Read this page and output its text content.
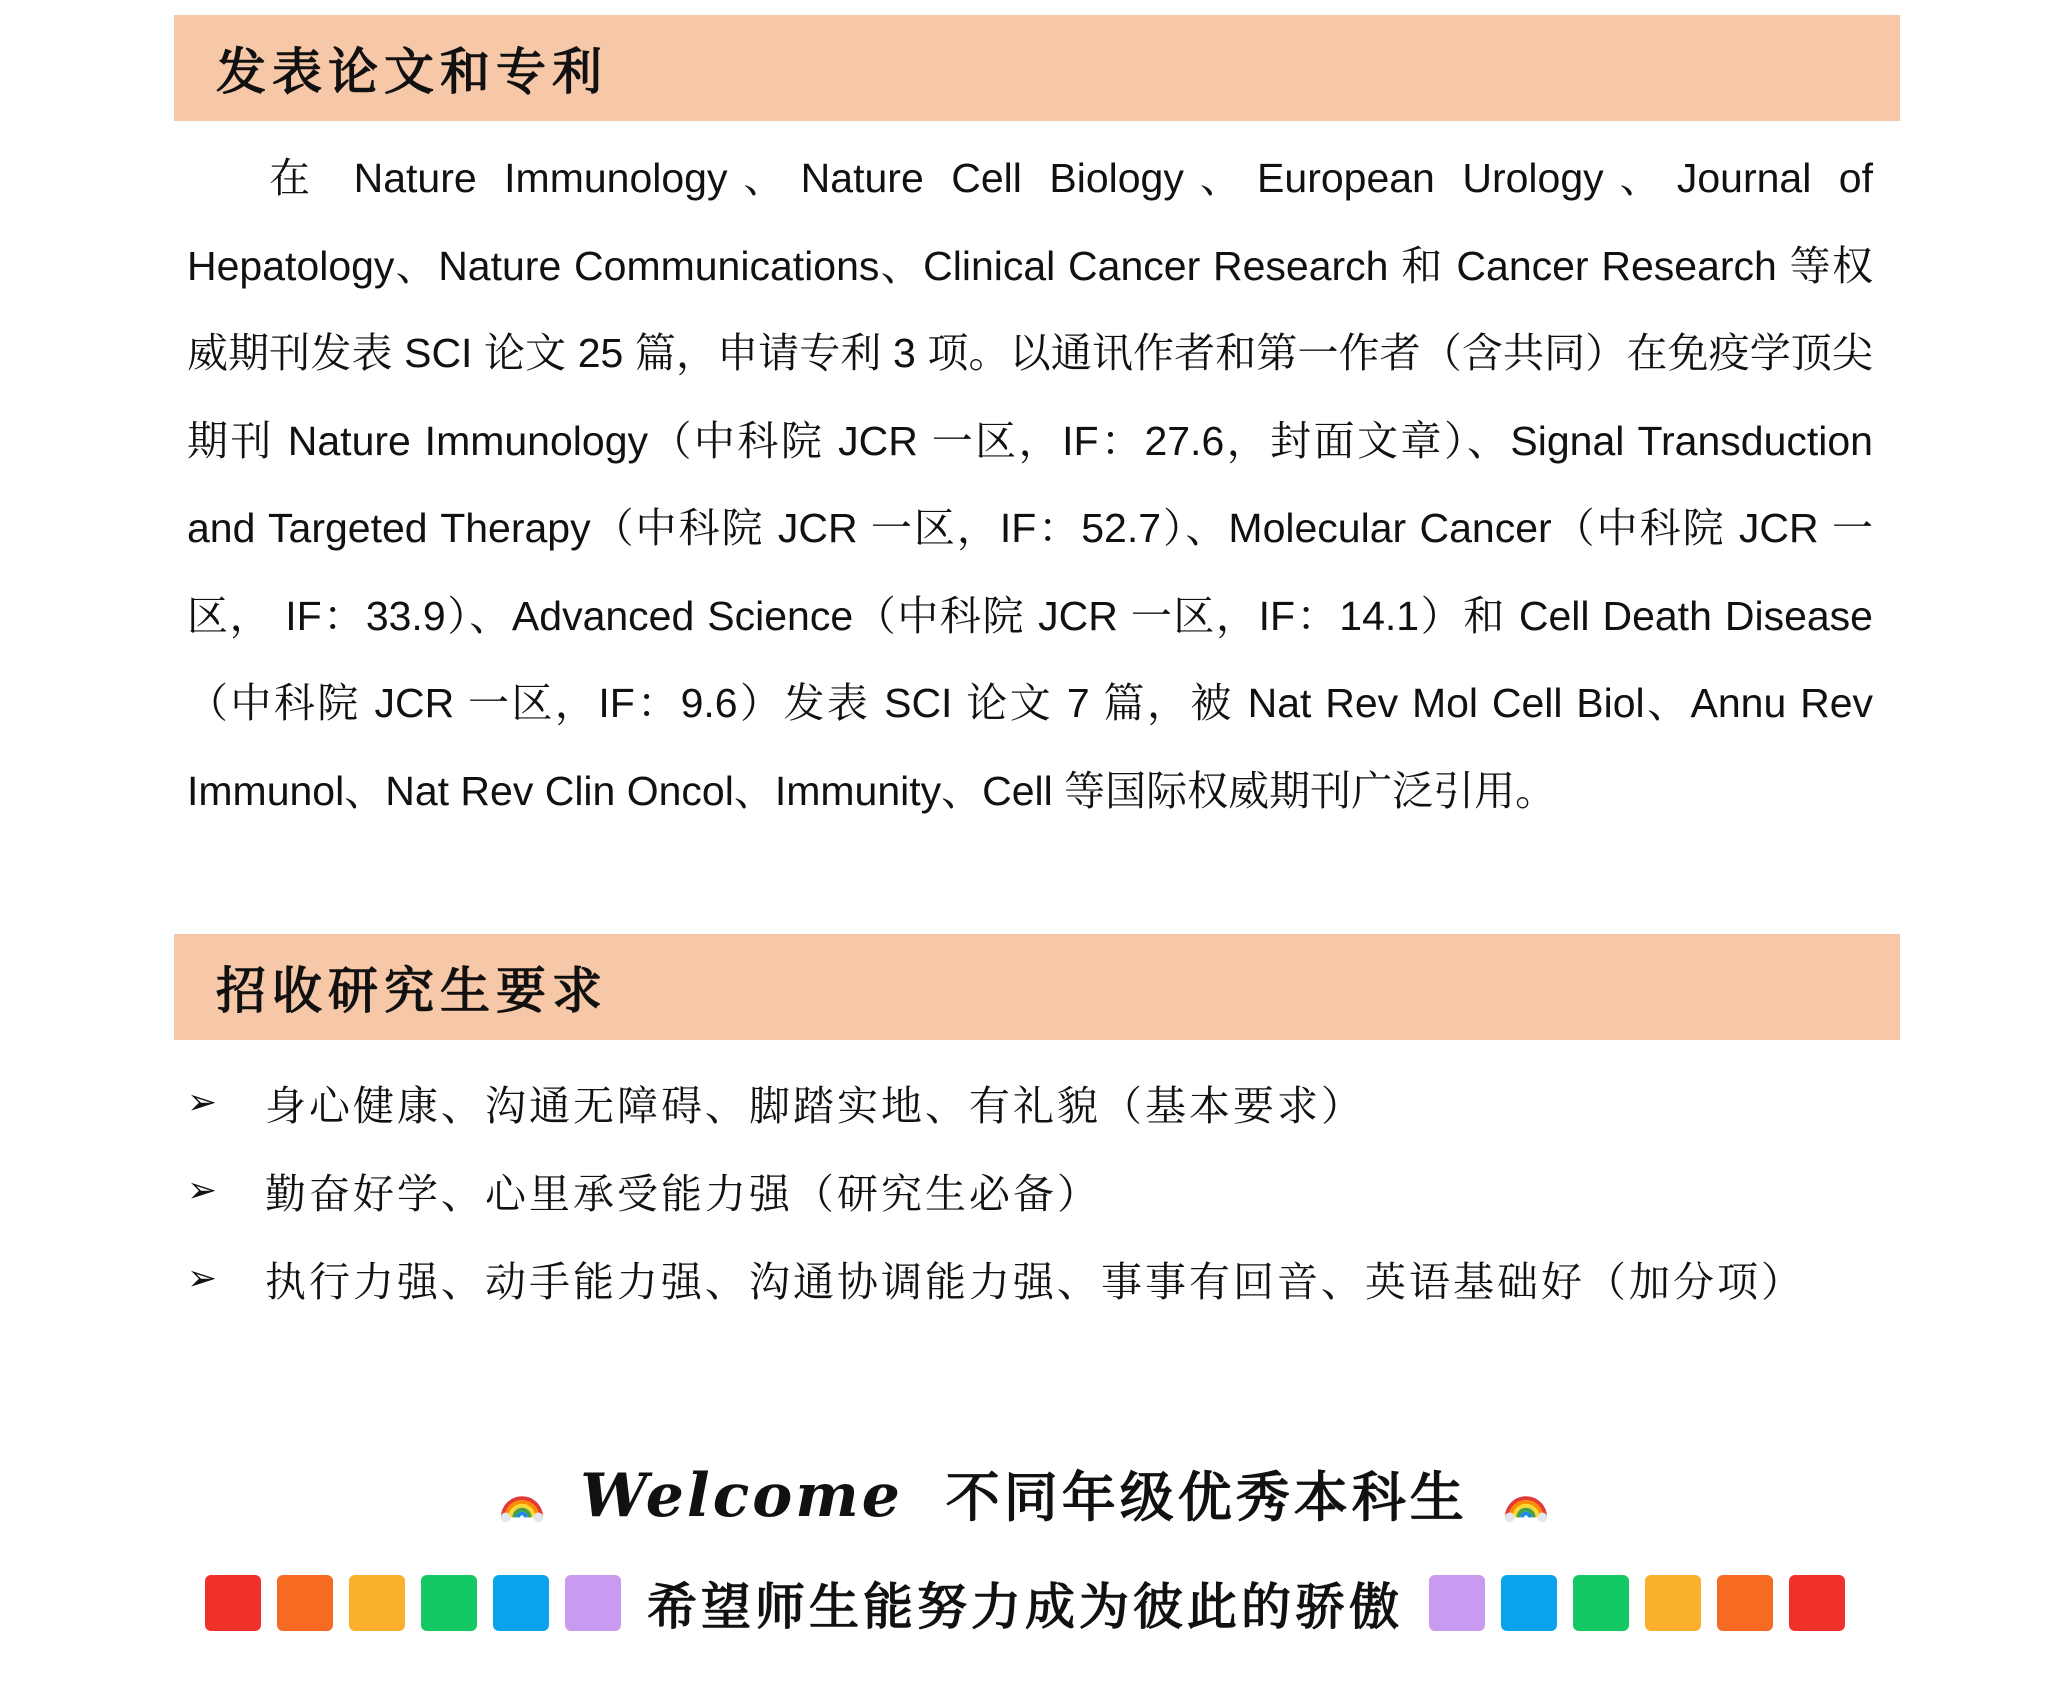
发表论文和专利

在 Nature Immunology、Nature Cell Biology、European Urology、Journal of Hepatology、Nature Communications、Clinical Cancer Research 和 Cancer Research 等权威期刊发表 SCI 论文 25 篇，申请专利 3 项。以通讯作者和第一作者（含共同）在免疫学顶尖期刊 Nature Immunology（中科院 JCR 一区，IF：27.6，封面文章）、Signal Transduction and Targeted Therapy（中科院 JCR 一区，IF：52.7）、Molecular Cancer（中科院 JCR 一区， IF：33.9）、Advanced Science（中科院 JCR 一区，IF：14.1）和 Cell Death Disease（中科院 JCR 一区，IF：9.6）发表 SCI 论文 7 篇，被 Nat Rev Mol Cell Biol、Annu Rev Immunol、Nat Rev Clin Oncol、Immunity、Cell 等国际权威期刊广泛引用。

招收研究生要求
➢	身心健康、沟通无障碍、脚踏实地、有礼貌（基本要求）
➢	勤奋好学、心里承受能力强（研究生必备）
➢	执行力强、动手能力强、沟通协调能力强、事事有回音、英语基础好（加分项）
Welcome 不同年级优秀本科生
希望师生能努力成为彼此的骄傲
